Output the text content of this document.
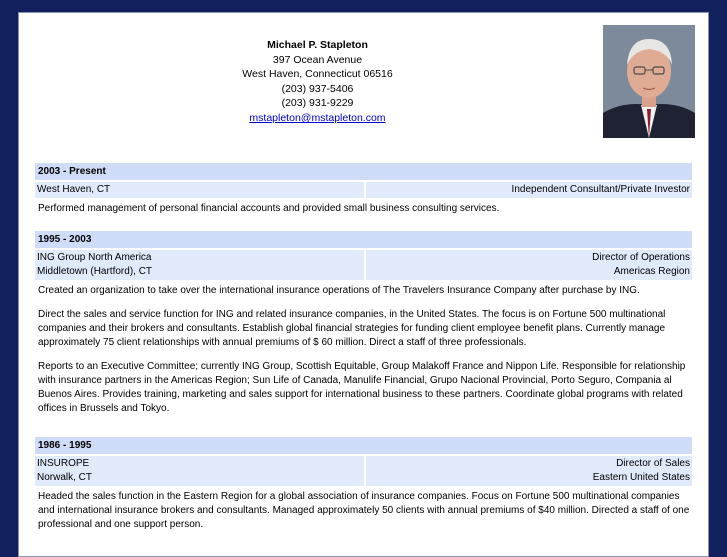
Michael P. Stapleton
397 Ocean Avenue
West Haven, Connecticut 06516
(203) 937-5406
(203) 931-9229
mstapleton@mstapleton.com
2003 - Present
West Haven, CT	Independent Consultant/Private Investor
Performed management of personal financial accounts and provided small business consulting services.
1995 - 2003
ING Group North America
Middletown (Hartford), CT
Director of Operations
Americas Region
Created an organization to take over the international insurance operations of The Travelers Insurance Company after purchase by ING.
Direct the sales and service function for ING and related insurance companies, in the United States. The focus is on Fortune 500 multinational companies and their brokers and consultants. Establish global financial strategies for funding client employee benefit plans. Currently manage approximately 75 client relationships with annual premiums of $ 60 million. Direct a staff of three professionals.
Reports to an Executive Committee; currently ING Group, Scottish Equitable, Group Malakoff France and Nippon Life. Responsible for relationship with insurance partners in the Americas Region; Sun Life of Canada, Manulife Financial, Grupo Nacional Provincial, Porto Seguro, Compania al Buenos Aires. Provides training, marketing and sales support for international business to these partners. Coordinate global programs with related offices in Brussels and Tokyo.
1986 - 1995
INSUROPE
Norwalk, CT
Director of Sales
Eastern United States
Headed the sales function in the Eastern Region for a global association of insurance companies. Focus on Fortune 500 multinational companies and international insurance brokers and consultants. Managed approximately 50 clients with annual premiums of $40 million. Directed a staff of one professional and one support person.
